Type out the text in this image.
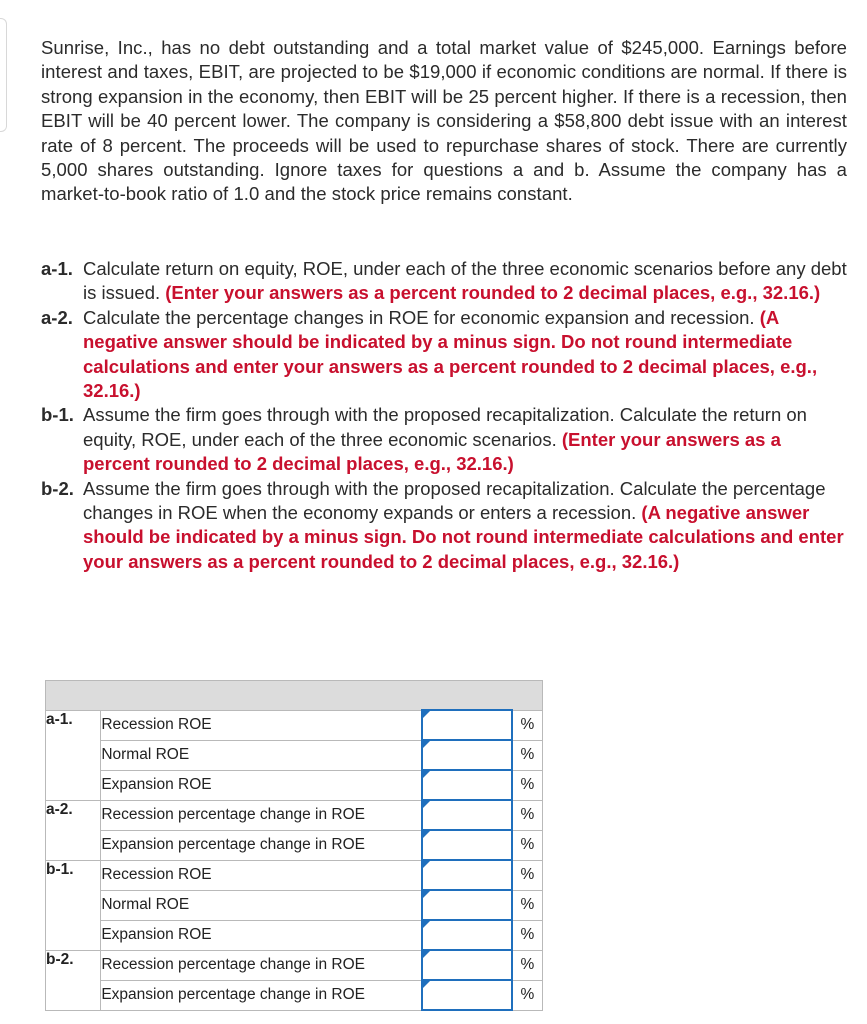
Sunrise, Inc., has no debt outstanding and a total market value of $245,000. Earnings before interest and taxes, EBIT, are projected to be $19,000 if economic conditions are normal. If there is strong expansion in the economy, then EBIT will be 25 percent higher. If there is a recession, then EBIT will be 40 percent lower. The company is considering a $58,800 debt issue with an interest rate of 8 percent. The proceeds will be used to repurchase shares of stock. There are currently 5,000 shares outstanding. Ignore taxes for questions a and b. Assume the company has a market-to-book ratio of 1.0 and the stock price remains constant.

a-1. Calculate return on equity, ROE, under each of the three economic scenarios before any debt is issued. (Enter your answers as a percent rounded to 2 decimal places, e.g., 32.16.)
a-2. Calculate the percentage changes in ROE for economic expansion and recession. (A negative answer should be indicated by a minus sign. Do not round intermediate calculations and enter your answers as a percent rounded to 2 decimal places, e.g., 32.16.)
b-1. Assume the firm goes through with the proposed recapitalization. Calculate the return on equity, ROE, under each of the three economic scenarios. (Enter your answers as a percent rounded to 2 decimal places, e.g., 32.16.)
b-2. Assume the firm goes through with the proposed recapitalization. Calculate the percentage changes in ROE when the economy expands or enters a recession. (A negative answer should be indicated by a minus sign. Do not round intermediate calculations and enter your answers as a percent rounded to 2 decimal places, e.g., 32.16.)

a-1.	Recession ROE		%
	Normal ROE		%
	Expansion ROE		%
a-2.	Recession percentage change in ROE		%
	Expansion percentage change in ROE		%
b-1.	Recession ROE		%
	Normal ROE		%
	Expansion ROE		%
b-2.	Recession percentage change in ROE		%
	Expansion percentage change in ROE		%
